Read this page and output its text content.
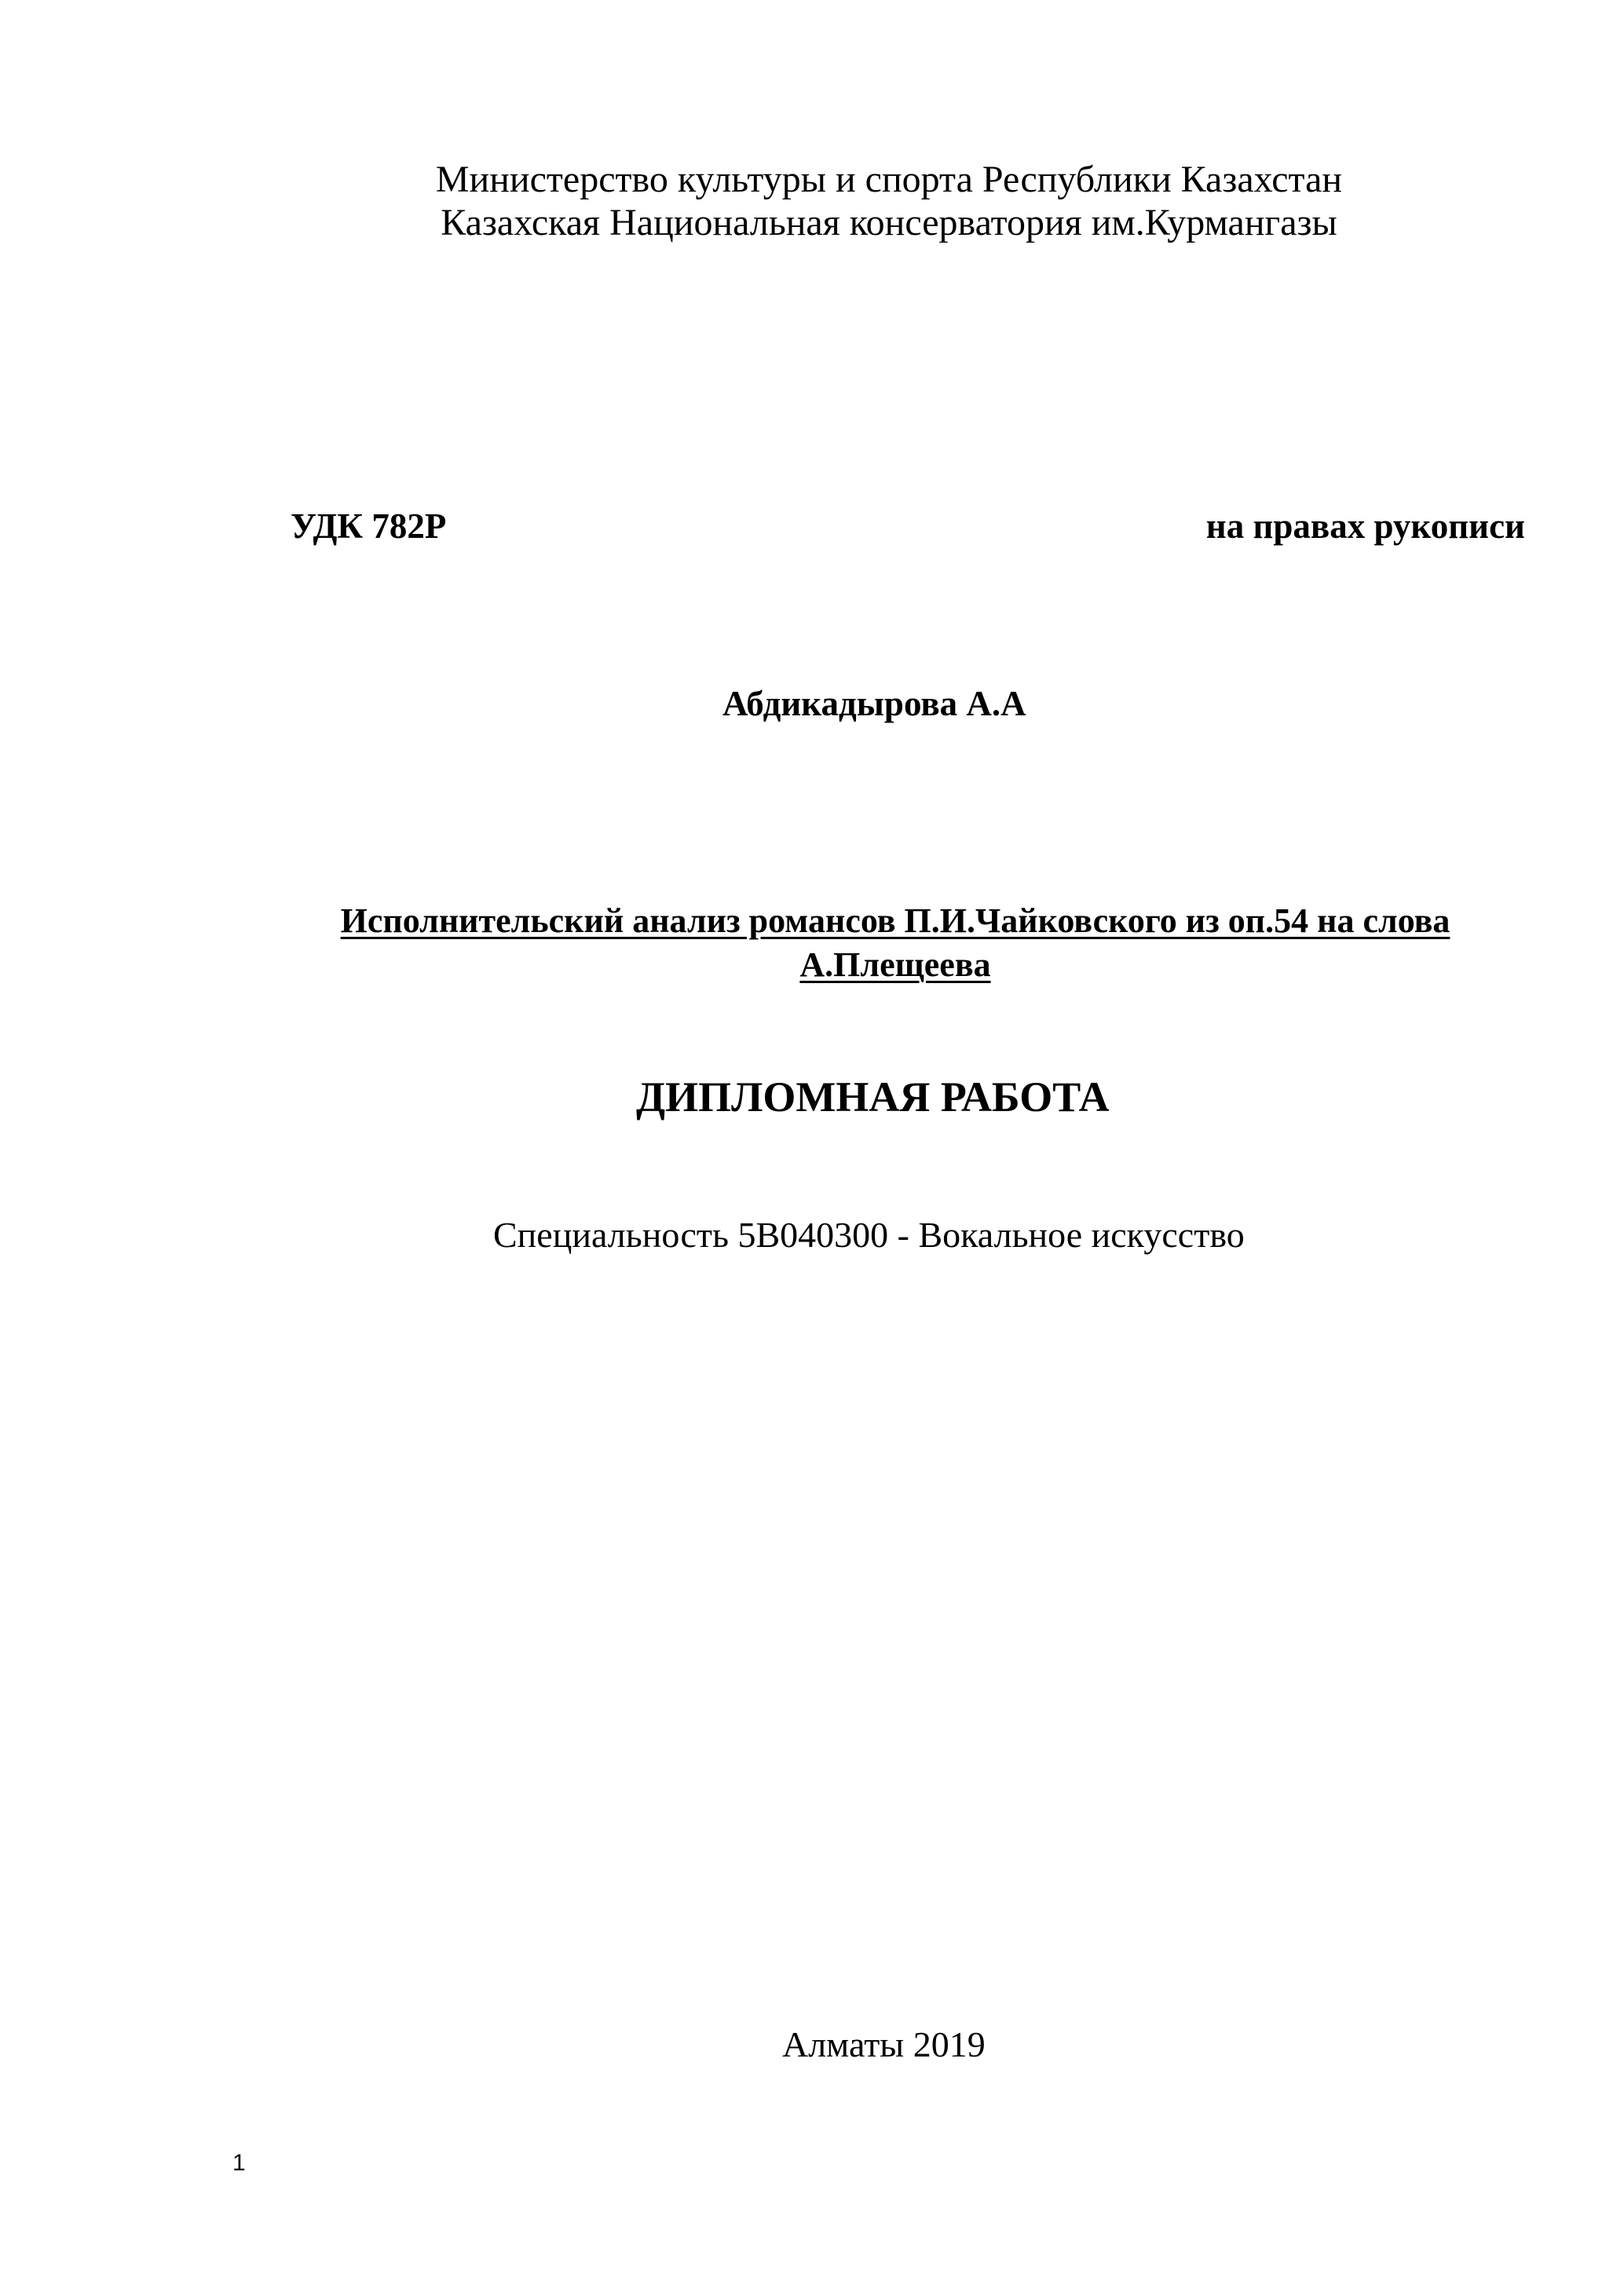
Министерство культуры и спорта Республики Казахстан
Казахская Национальная консерватория им.Курмангазы
УДК 782Р	на правах рукописи
Абдикадырова А.А
Исполнительский анализ романсов П.И.Чайковского из оп.54 на слова
А.Плещеева
ДИПЛОМНАЯ РАБОТА
Специальность 5В040300 - Вокальное искусство
Алматы 2019
1
